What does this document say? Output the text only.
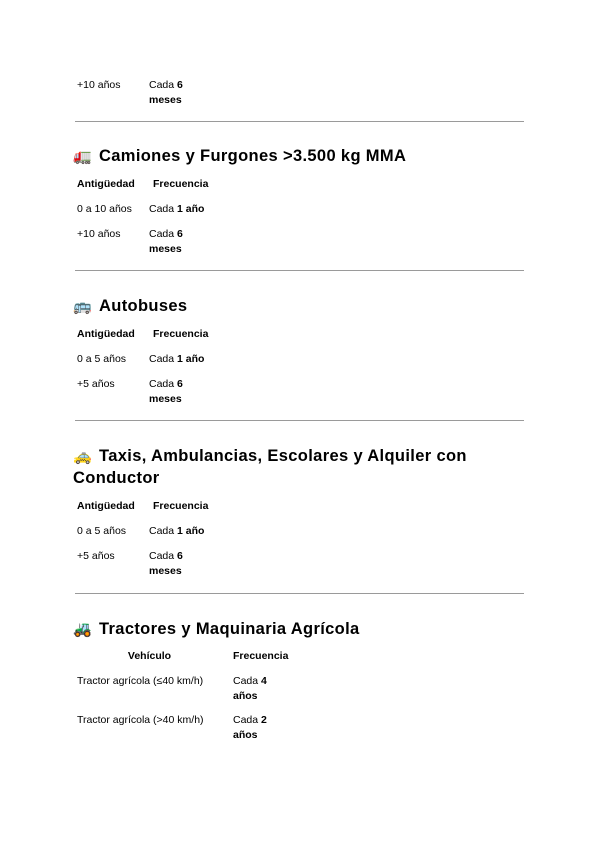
+10 años	Cada 6
meses
🚛 Camiones y Furgones >3.500 kg MMA
Antigüedad Frecuencia
0 a 10 años Cada 1 año
+10 años	Cada 6
meses
🚌 Autobuses
Antigüedad Frecuencia
0 a 5 años Cada 1 año
+5 años	Cada 6
meses
🚕 Taxis, Ambulancias, Escolares y Alquiler con
Conductor
Antigüedad Frecuencia
0 a 5 años Cada 1 año
+5 años	Cada 6
meses
🚜 Tractores y Maquinaria Agrícola
Vehículo	Frecuencia
Tractor agrícola (≤40 km/h)	Cada 4
años
Tractor agrícola (>40 km/h)	Cada 2
años
